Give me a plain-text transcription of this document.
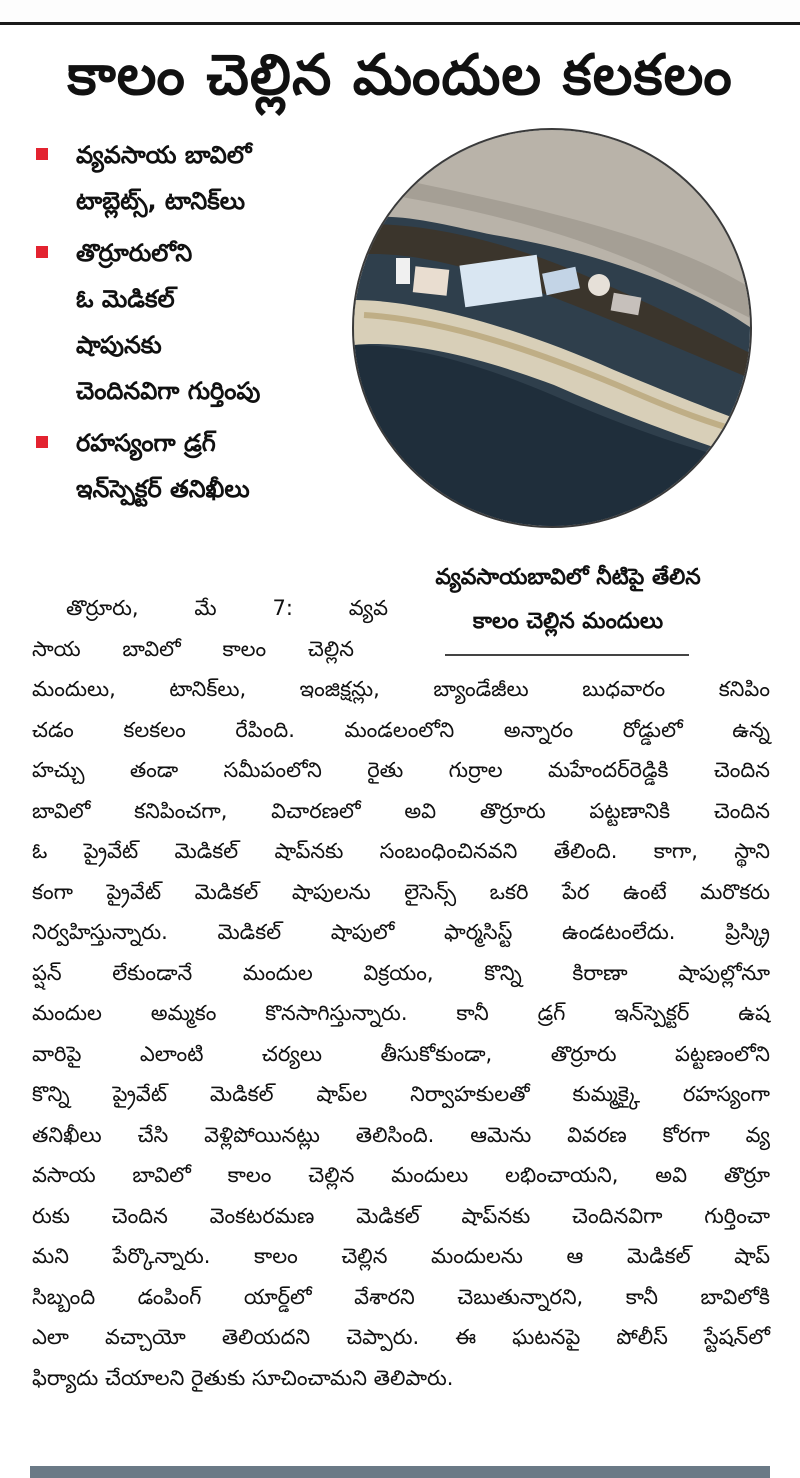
కాలం చెల్లిన మందుల కలకలం
వ్యవసాయ బావిలో
టాబ్లెట్స్, టానిక్‌లు
తొర్రూరులోని
ఓ మెడికల్
షాపునకు
చెందినవిగా గుర్తింపు
రహస్యంగా డ్రగ్
ఇన్‌స్పెక్టర్ తనిఖీలు
వ్యవసాయబావిలో నీటిపై తేలిన
కాలం చెల్లిన మందులు
తొర్రూరు, మే 7: వ్యవ
సాయ బావిలో కాలం చెల్లిన
మందులు, టానిక్‌లు, ఇంజిక్షన్లు, బ్యాండేజీలు బుధవారం కనిపిం
చడం కలకలం రేపింది. మండలంలోని అన్నారం రోడ్డులో ఉన్న
హచ్చు తండా సమీపంలోని రైతు గుర్రాల మహేందర్‌రెడ్డికి చెందిన
బావిలో కనిపించగా, విచారణలో అవి తొర్రూరు పట్టణానికి చెందిన
ఓ ప్రైవేట్ మెడికల్ షాప్‌నకు సంబంధించినవని తేలింది. కాగా, స్థాని
కంగా ప్రైవేట్ మెడికల్ షాపులను లైసెన్స్ ఒకరి పేర ఉంటే మరొకరు
నిర్వహిస్తున్నారు. మెడికల్ షాపులో ఫార్మసిస్ట్ ఉండటంలేదు. ప్రిస్క్రి
ప్షన్ లేకుండానే మందుల విక్రయం, కొన్ని కిరాణా షాపుల్లోనూ
మందుల అమ్మకం కొనసాగిస్తున్నారు. కానీ డ్రగ్ ఇన్‌స్పెక్టర్ ఉష
వారిపై ఎలాంటి చర్యలు తీసుకోకుండా, తొర్రూరు పట్టణంలోని
కొన్ని ప్రైవేట్ మెడికల్ షాప్‌ల నిర్వాహకులతో కుమ్మక్కై రహస్యంగా
తనిఖీలు చేసి వెళ్లిపోయినట్లు తెలిసింది. ఆమెను వివరణ కోరగా వ్య
వసాయ బావిలో కాలం చెల్లిన మందులు లభించాయని, అవి తొర్రూ
రుకు చెందిన వెంకటరమణ మెడికల్ షాప్‌నకు చెందినవిగా గుర్తించా
మని పేర్కొన్నారు. కాలం చెల్లిన మందులను ఆ మెడికల్ షాప్
సిబ్బంది డంపింగ్ యార్డ్‌లో వేశారని చెబుతున్నారని, కానీ బావిలోకి
ఎలా వచ్చాయో తెలియదని చెప్పారు. ఈ ఘటనపై పోలీస్ స్టేషన్‌లో
ఫిర్యాదు చేయాలని రైతుకు సూచించామని తెలిపారు.
